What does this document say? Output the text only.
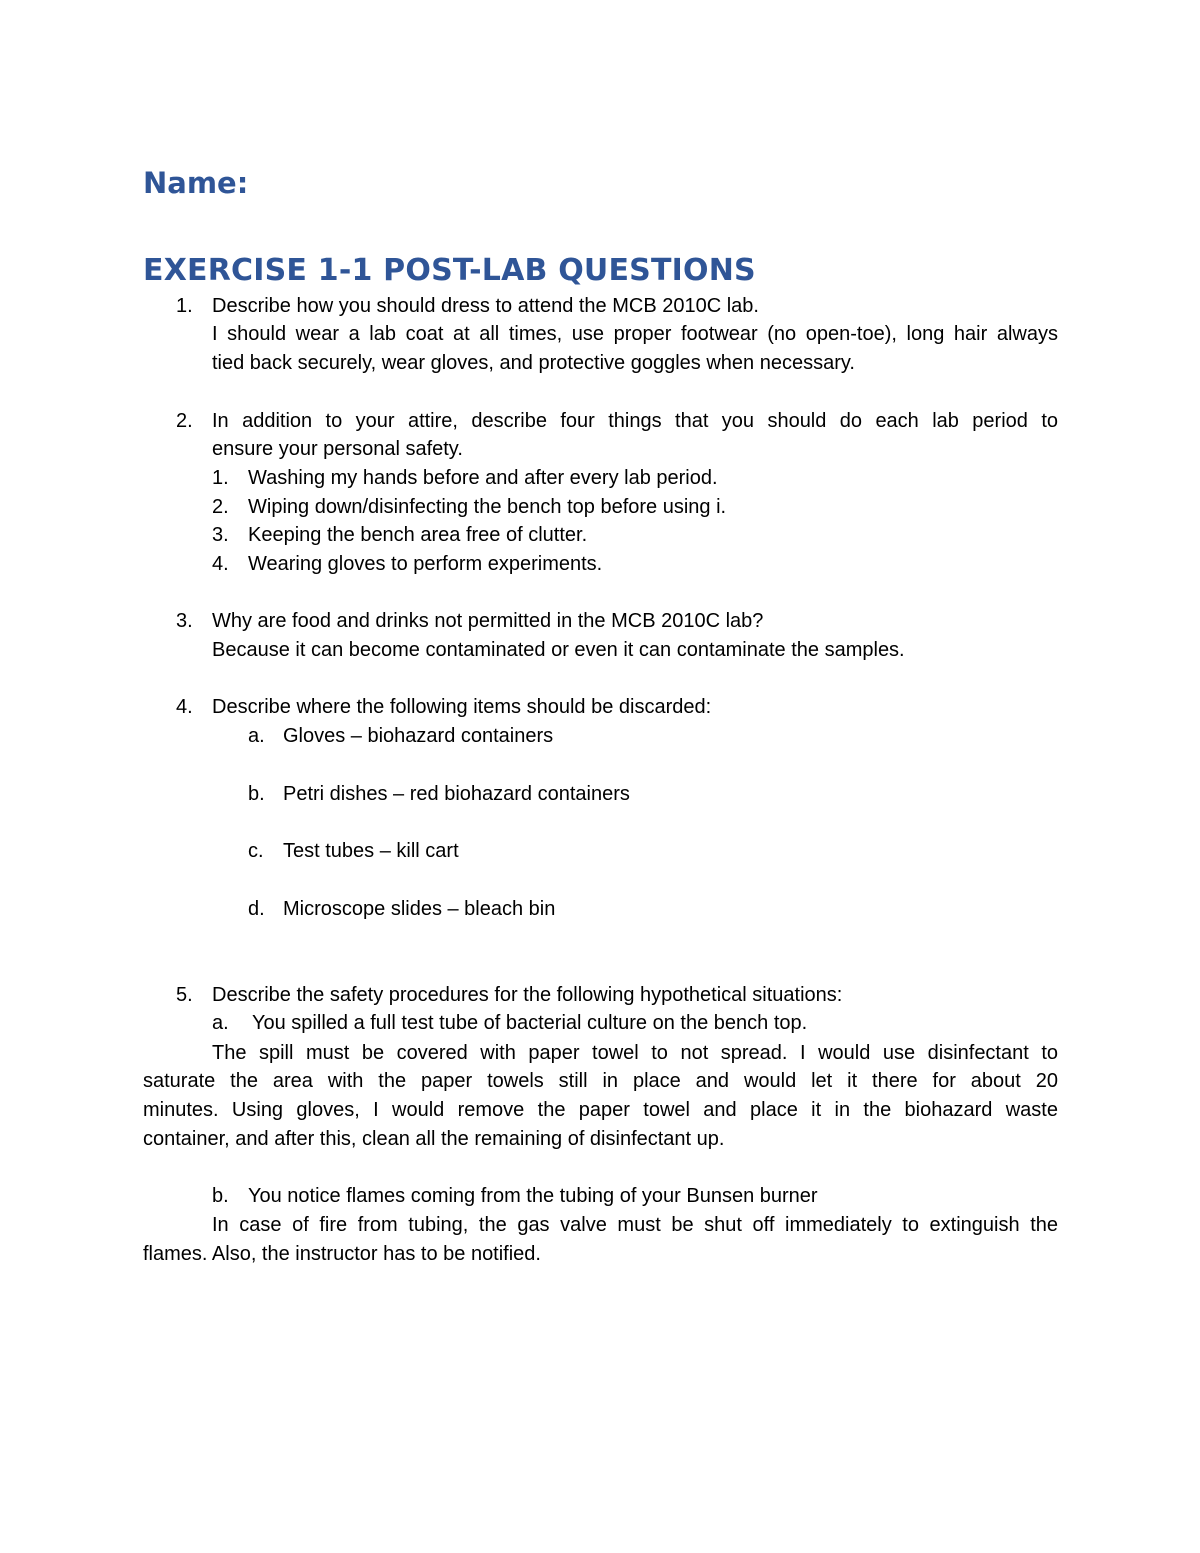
Name:
EXERCISE 1-1 POST-LAB QUESTIONS
1. Describe how you should dress to attend the MCB 2010C lab.
I should wear a lab coat at all times, use proper footwear (no open-toe), long hair always
tied back securely, wear gloves, and protective goggles when necessary.
2. In addition to your attire, describe four things that you should do each lab period to
ensure your personal safety.
1. Washing my hands before and after every lab period.
2. Wiping down/disinfecting the bench top before using i.
3. Keeping the bench area free of clutter.
4. Wearing gloves to perform experiments.
3. Why are food and drinks not permitted in the MCB 2010C lab?
Because it can become contaminated or even it can contaminate the samples.
4. Describe where the following items should be discarded:
a. Gloves – biohazard containers
b. Petri dishes – red biohazard containers
c. Test tubes – kill cart
d. Microscope slides – bleach bin
5. Describe the safety procedures for the following hypothetical situations:
a. You spilled a full test tube of bacterial culture on the bench top.
The spill must be covered with paper towel to not spread. I would use disinfectant to
saturate the area with the paper towels still in place and would let it there for about 20
minutes. Using gloves, I would remove the paper towel and place it in the biohazard waste
container, and after this, clean all the remaining of disinfectant up.
b. You notice flames coming from the tubing of your Bunsen burner
In case of fire from tubing, the gas valve must be shut off immediately to extinguish the
flames. Also, the instructor has to be notified.
